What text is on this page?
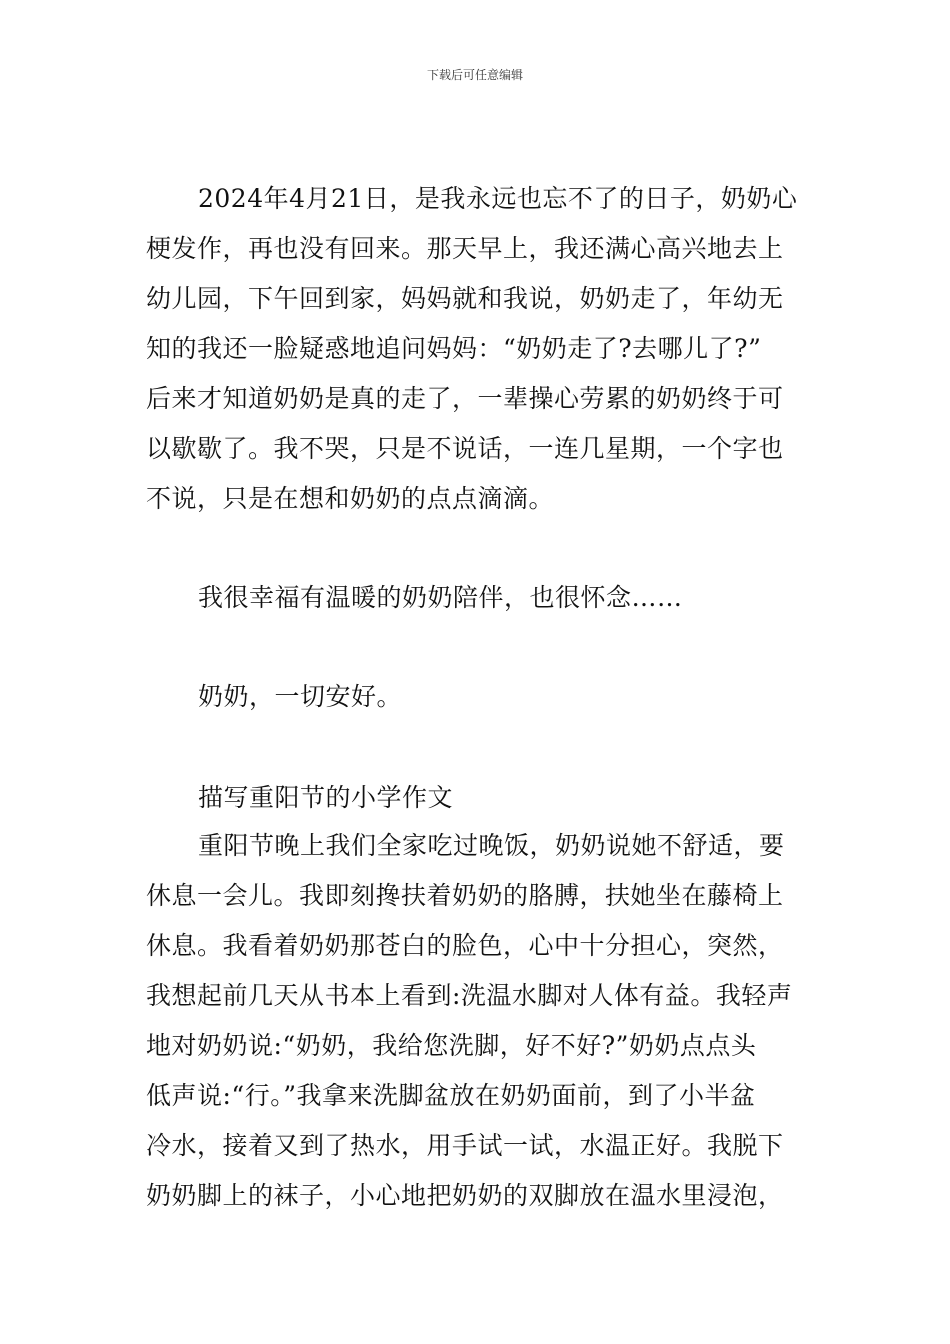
下载后可任意编辑
2024年4月21日，是我永远也忘不了的日子，奶奶心
梗发作，再也没有回来。那天早上，我还满心高兴地去上
幼儿园，下午回到家，妈妈就和我说，奶奶走了，年幼无
知的我还一脸疑惑地追问妈妈：“奶奶走了?去哪儿了?”
后来才知道奶奶是真的走了，一辈操心劳累的奶奶终于可
以歇歇了。我不哭，只是不说话，一连几星期，一个字也
不说，只是在想和奶奶的点点滴滴。
我很幸福有温暖的奶奶陪伴，也很怀念……
奶奶，一切安好。
描写重阳节的小学作文
重阳节晚上我们全家吃过晚饭，奶奶说她不舒适，要
休息一会儿。我即刻搀扶着奶奶的胳膊，扶她坐在藤椅上
休息。我看着奶奶那苍白的脸色，心中十分担心，突然，
我想起前几天从书本上看到:洗温水脚对人体有益。我轻声
地对奶奶说:“奶奶，我给您洗脚，好不好?”奶奶点点头
低声说:“行。”我拿来洗脚盆放在奶奶面前，到了小半盆
冷水，接着又到了热水，用手试一试，水温正好。我脱下
奶奶脚上的袜子，小心地把奶奶的双脚放在温水里浸泡，
